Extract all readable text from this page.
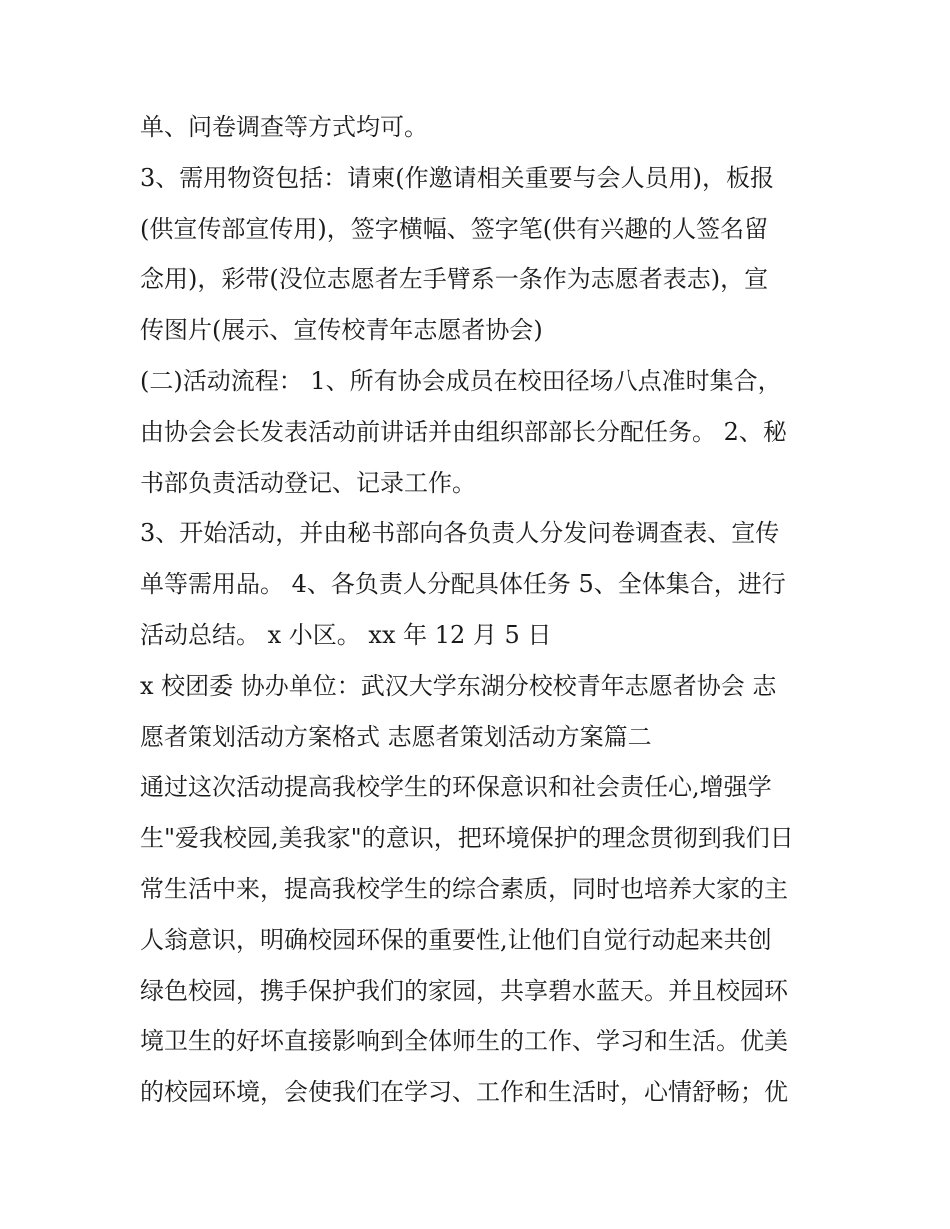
单、问卷调查等方式均可。
3、需用物资包括：请柬(作邀请相关重要与会人员用)，板报
(供宣传部宣传用)，签字横幅、签字笔(供有兴趣的人签名留
念用)，彩带(没位志愿者左手臂系一条作为志愿者表志)，宣
传图片(展示、宣传校青年志愿者协会)
(二)活动流程： 1、所有协会成员在校田径场八点准时集合，
由协会会长发表活动前讲话并由组织部部长分配任务。 2、秘
书部负责活动登记、记录工作。
3、开始活动，并由秘书部向各负责人分发问卷调查表、宣传
单等需用品。 4、各负责人分配具体任务 5、全体集合，进行
活动总结。 x 小区。 xx 年 12 月 5 日
x 校团委 协办单位：武汉大学东湖分校校青年志愿者协会 志
愿者策划活动方案格式 志愿者策划活动方案篇二
通过这次活动提高我校学生的环保意识和社会责任心,增强学
生"爱我校园,美我家"的意识，把环境保护的理念贯彻到我们日
常生活中来，提高我校学生的综合素质，同时也培养大家的主
人翁意识，明确校园环保的重要性,让他们自觉行动起来共创
绿色校园，携手保护我们的家园，共享碧水蓝天。并且校园环
境卫生的好坏直接影响到全体师生的工作、学习和生活。优美
的校园环境，会使我们在学习、工作和生活时，心情舒畅；优
